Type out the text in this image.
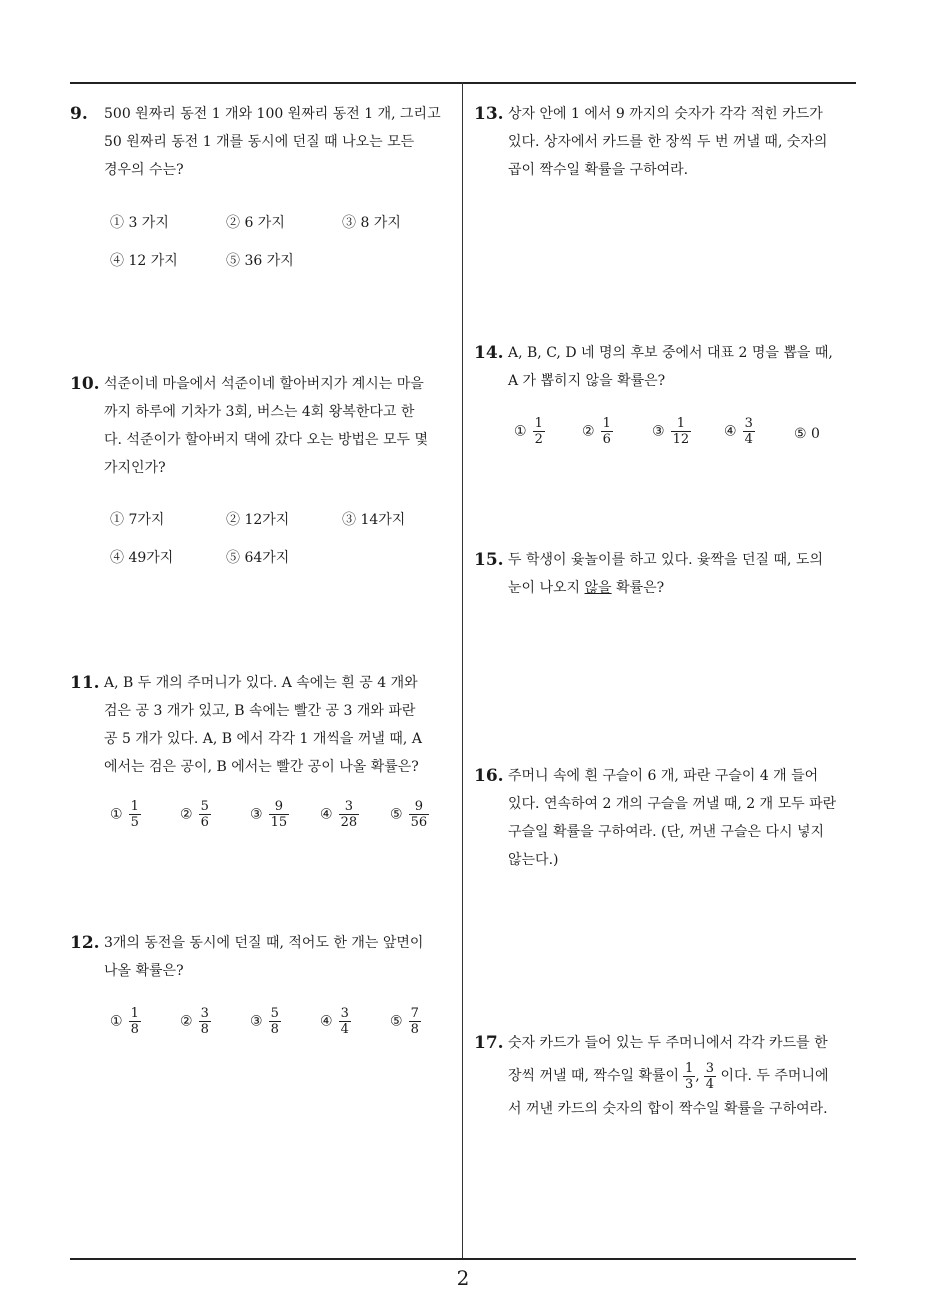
9. 500 원짜리 동전 1 개와 100 원짜리 동전 1 개, 그리고
50 원짜리 동전 1 개를 동시에 던질 때 나오는 모든
경우의 수는?
① 3 가지	② 6 가지	③ 8 가지
④ 12 가지	⑤ 36 가지
10. 석준이네 마을에서 석준이네 할아버지가 계시는 마을
까지 하루에 기차가 3회, 버스는 4회 왕복한다고 한
다. 석준이가 할아버지 댁에 갔다 오는 방법은 모두 몇
가지인가?
① 7가지	② 12가지	③ 14가지
④ 49가지	⑤ 64가지
11. A, B 두 개의 주머니가 있다. A 속에는 흰 공 4 개와
검은 공 3 개가 있고, B 속에는 빨간 공 3 개와 파란
공 5 개가 있다. A, B 에서 각각 1 개씩을 꺼낼 때, A
에서는 검은 공이, B 에서는 빨간 공이 나올 확률은?
① $\frac{1}{5}$	② $\frac{5}{6}$	③ $\frac{9}{15}$ ④ $\frac{3}{28}$ ⑤ $\frac{9}{56}$
12. 3개의 동전을 동시에 던질 때, 적어도 한 개는 앞면이
나올 확률은?
① $\frac{1}{8}$	② $\frac{3}{8}$	③ $\frac{5}{8}$	④ $\frac{3}{4}$	⑤ $\frac{7}{8}$
13. 상자 안에 1 에서 9 까지의 숫자가 각각 적힌 카드가
있다. 상자에서 카드를 한 장씩 두 번 꺼낼 때, 숫자의
곱이 짝수일 확률을 구하여라.
14. A, B, C, D 네 명의 후보 중에서 대표 2 명을 뽑을 때,
A 가 뽑히지 않을 확률은?
① $\frac{1}{2}$	② $\frac{1}{6}$	③ $\frac{1}{12}$ ④ $\frac{3}{4}$	⑤ 0
15. 두 학생이 윷놀이를 하고 있다. 윷짝을 던질 때, 도의
눈이 나오지 않을 확률은?
16. 주머니 속에 흰 구슬이 6 개, 파란 구슬이 4 개 들어
있다. 연속하여 2 개의 구슬을 꺼낼 때, 2 개 모두 파란
구슬일 확률을 구하여라. (단, 꺼낸 구슬은 다시 넣지
않는다.)
17. 숫자 카드가 들어 있는 두 주머니에서 각각 카드를 한
장씩 꺼낼 때, 짝수일 확률이 $\frac{1}{3}$ , $\frac{3}{4}$ 이다. 두 주머니에
서 꺼낸 카드의 숫자의 합이 짝수일 확률을 구하여라.
2
